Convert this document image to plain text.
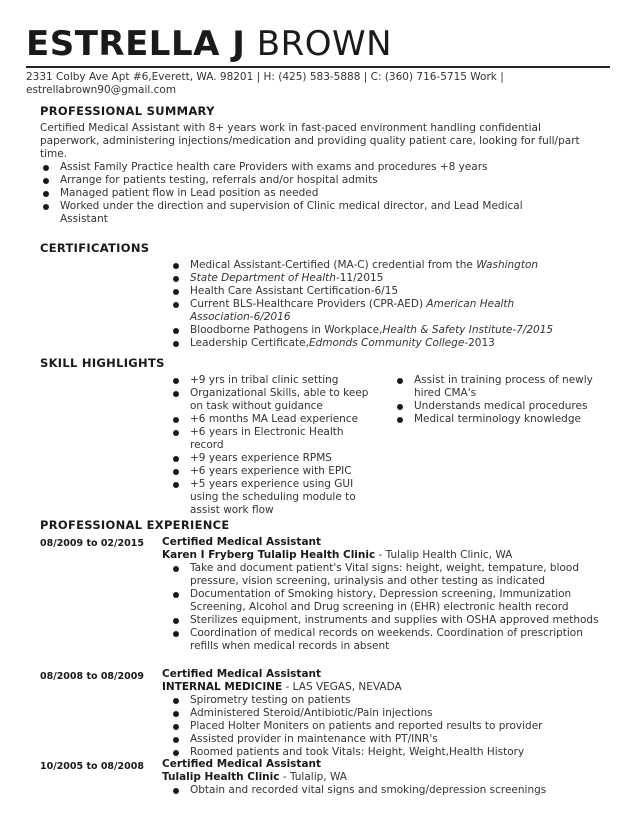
ESTRELLA J BROWN
2331 Colby Ave Apt #6,Everett, WA. 98201 | H: (425) 583-5888 | C: (360) 716-5715 Work |
estrellabrown90@gmail.com
PROFESSIONAL SUMMARY
Certified Medical Assistant with 8+ years work in fast-paced environment handling confidential paperwork, administering injections/medication and providing quality patient care, looking for full/part time.
Assist Family Practice health care Providers with exams and procedures +8 years
Arrange for patients testing, referrals and/or hospital admits
Managed patient flow in Lead position as needed
Worked under the direction and supervision of Clinic medical director, and Lead Medical Assistant
CERTIFICATIONS
Medical Assistant-Certified (MA-C) credential from the Washington
State Department of Health-11/2015
Health Care Assistant Certification-6/15
Current BLS-Healthcare Providers (CPR-AED) American Health Association-6/2016
Bloodborne Pathogens in Workplace,Health & Safety Institute-7/2015
Leadership Certificate,Edmonds Community College-2013
SKILL HIGHLIGHTS
+9 yrs in tribal clinic setting
Organizational Skills, able to keep on task without guidance
+6 months MA Lead experience
+6 years in Electronic Health record
+9 years experience RPMS
+6 years experience with EPIC
+5 years experience using GUI using the scheduling module to assist work flow
Assist in training process of newly hired CMA's
Understands medical procedures
Medical terminology knowledge
PROFESSIONAL EXPERIENCE
08/2009 to 02/2015 Certified Medical Assistant
Karen I Fryberg Tulalip Health Clinic - Tulalip Health Clinic, WA
Take and document patient's Vital signs: height, weight, tempature, blood pressure, vision screening, urinalysis and other testing as indicated
Documentation of Smoking history, Depression screening, Immunization Screening, Alcohol and Drug screening in (EHR) electronic health record
Sterilizes equipment, instruments and supplies with OSHA approved methods
Coordination of medical records on weekends. Coordination of prescription refills when medical records in absent
08/2008 to 08/2009 Certified Medical Assistant
INTERNAL MEDICINE - LAS VEGAS, NEVADA
Spirometry testing on patients
Administered Steroid/Antibiotic/Pain injections
Placed Holter Moniters on patients and reported results to provider
Assisted provider in maintenance with PT/INR's
Roomed patients and took Vitals: Height, Weight,Health History
10/2005 to 08/2008 Certified Medical Assistant
Tulalip Health Clinic - Tulalip, WA
Obtain and recorded vital signs and smoking/depression screenings
